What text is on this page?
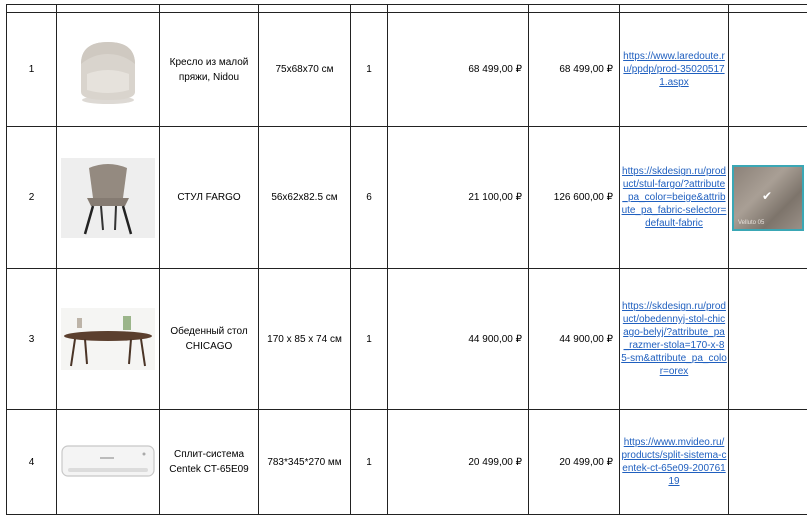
1		Кресло из малой пряжи, Nidou	75x68x70 см	1	68 499,00 ₽	68 499,00 ₽	https://www.laredoute.ru/ppdp/prod-350205171.aspx	
2		СТУЛ FARGO	56x62x82.5 см	6	21 100,00 ₽	126 600,00 ₽	https://skdesign.ru/product/stul-fargo/?attribute_pa_color=beige&attribute_pa_fabric-selector=default-fabric	✔
Velluto 05

3		Обеденный стол CHICAGO	170 x 85 x 74 см	1	44 900,00 ₽	44 900,00 ₽	https://skdesign.ru/product/obedennyj-stol-chicago-belyj/?attribute_pa_razmer-stola=170-x-85-sm&attribute_pa_color=orex	
4		Сплит-система Centek CT-65E09	783*345*270 мм	1	20 499,00 ₽	20 499,00 ₽	https://www.mvideo.ru/products/split-sistema-centek-ct-65e09-20076119	
